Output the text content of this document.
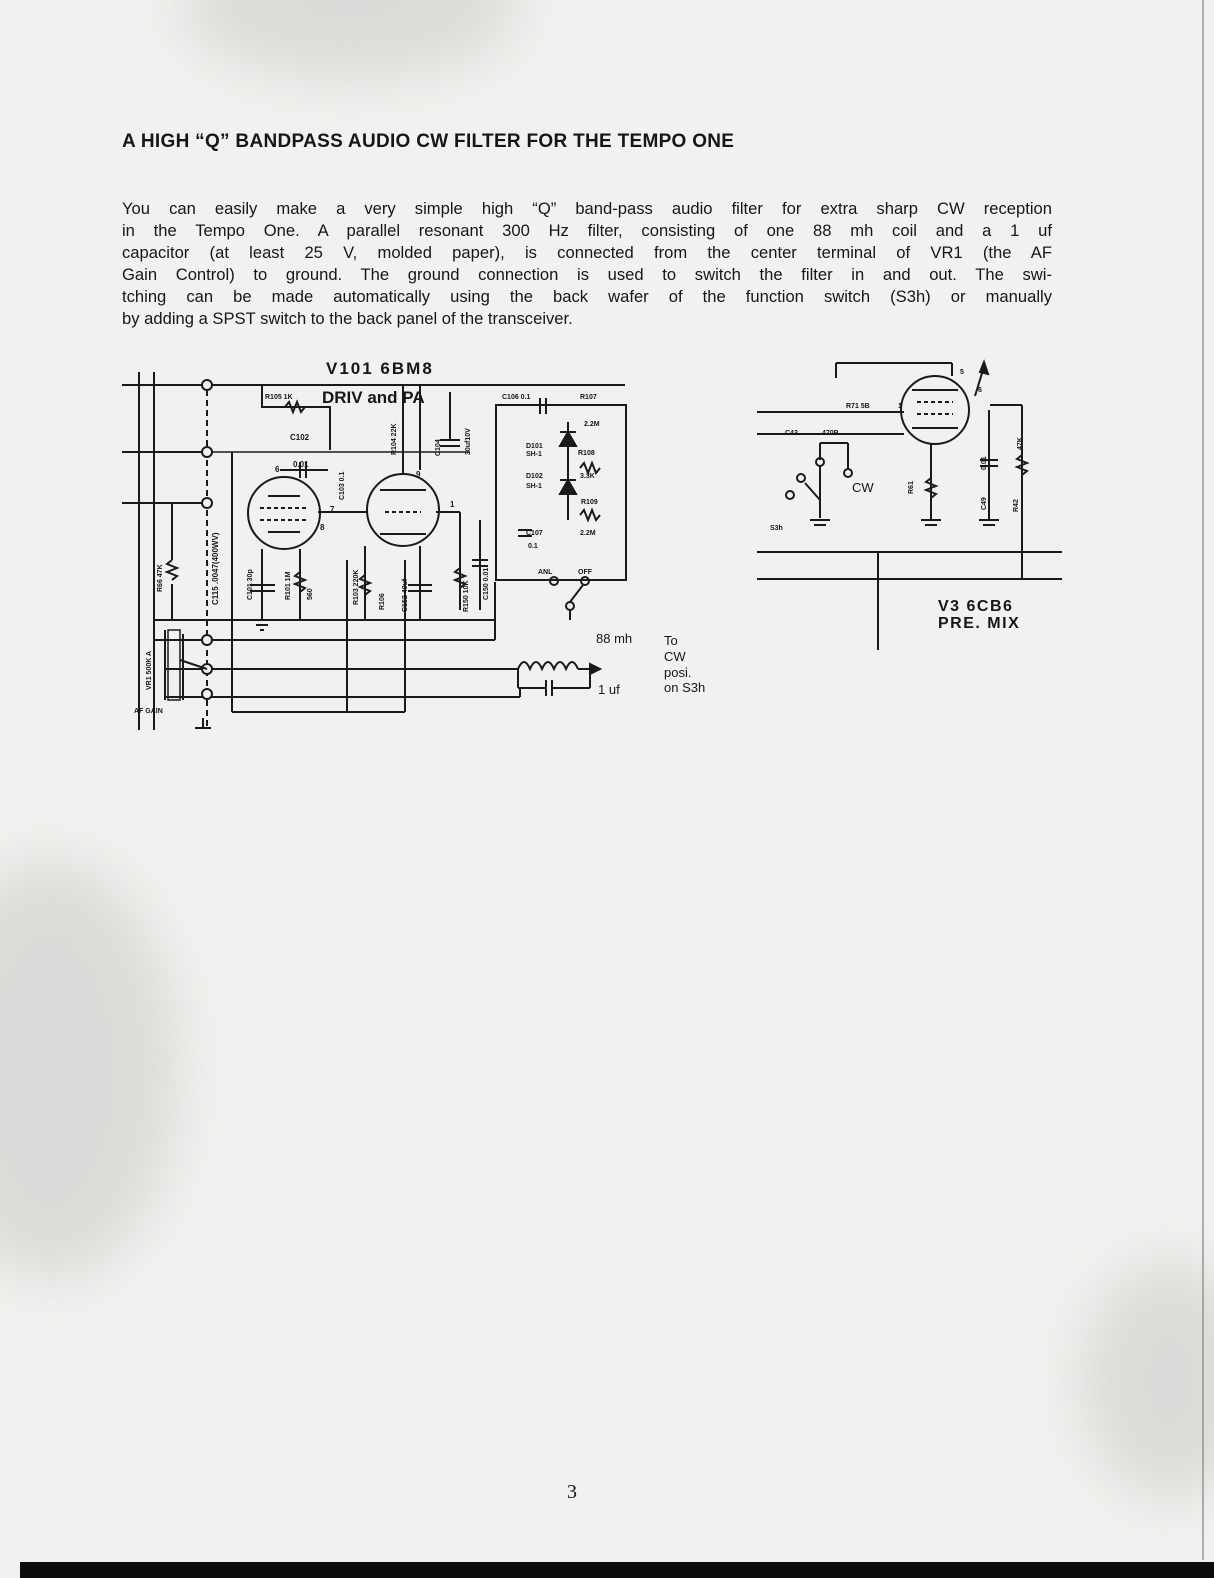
A HIGH “Q” BANDPASS AUDIO CW FILTER FOR THE TEMPO ONE

You can easily make a very simple high “Q” band-pass audio filter for extra sharp CW reception
in the Tempo One. A parallel resonant 300 Hz filter, consisting of one 88 mh coil and a 1 uf
capacitor (at least 25 V, molded paper), is connected from the center terminal of VR1 (the AF
Gain Control) to ground. The ground connection is used to switch the filter in and out. The swi-
tching can be made automatically using the back wafer of the function switch (S3h) or manually
by adding a SPST switch to the back panel of the transceiver.

V101 6BM8
DRIV and PA
R105 1K
C102
0.01
6
9
7
8
1
C106 0.1	R107
2.2M
D101
SH-1
D102
SH-1
R108
3.3K
R109
2.2M
C107
0.1
ANL	OFF
R104 22K	C104	30uf10V
C103 0.1
C115 .0047(400WV)	C101 30p	R101 1M 560	R103 220K	R106 C152 40uf	R150 10K C150 0.01
R66 47K
VR1 500K A
AF GAIN
88 mh
1 uf
To
CW
posi.
on S3h
R71 5B
C43	470P
CW
S3h
R61
0.01
47K
C49	R42
5
6
1
V3 6CB6
PRE. MIX
3
